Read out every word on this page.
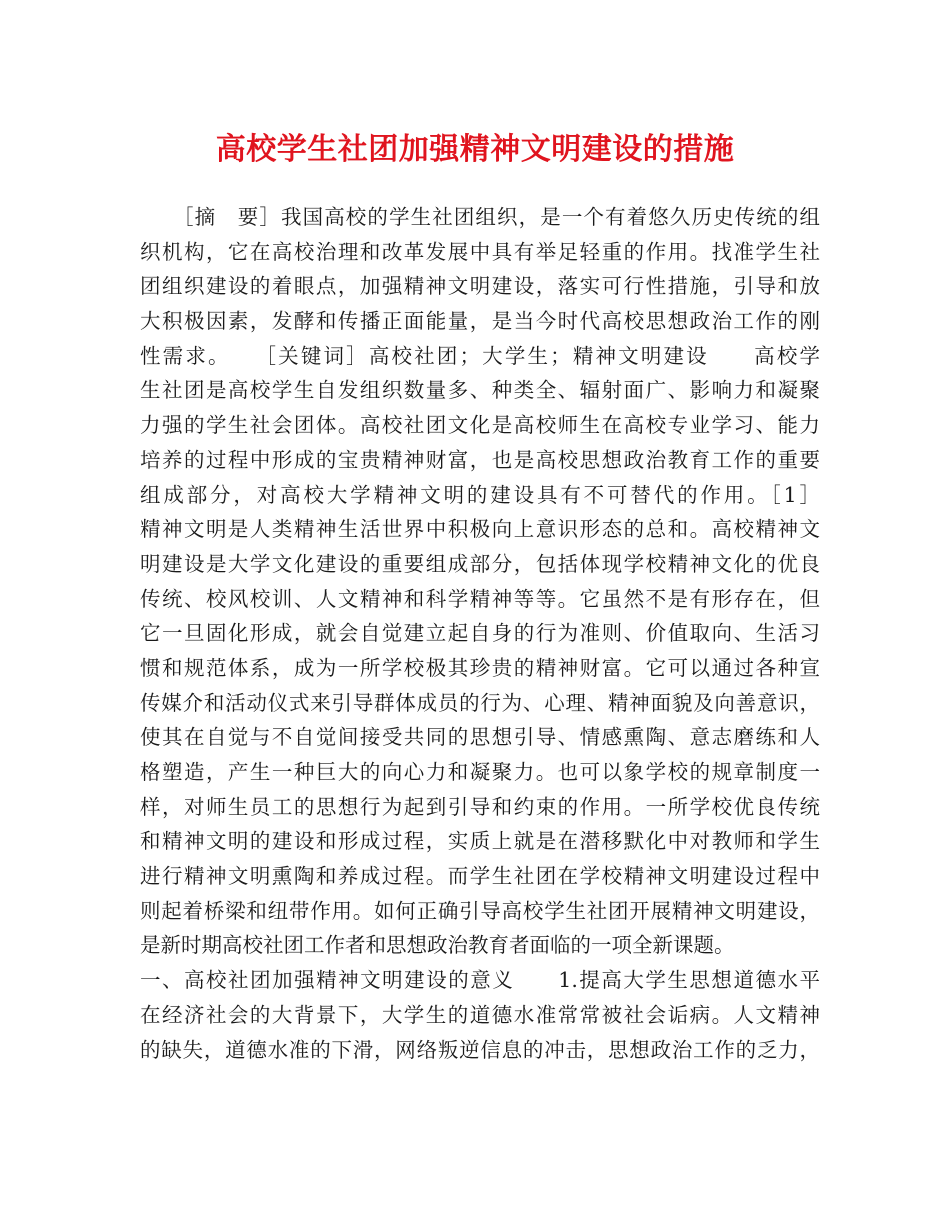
高校学生社团加强精神文明建设的措施
　　［摘　要］我国高校的学生社团组织，是一个有着悠久历史传统的组
织机构，它在高校治理和改革发展中具有举足轻重的作用。找准学生社
团组织建设的着眼点，加强精神文明建设，落实可行性措施，引导和放
大积极因素，发酵和传播正面能量，是当今时代高校思想政治工作的刚
性需求。　　［关键词］高校社团；大学生；精神文明建设　　高校学
生社团是高校学生自发组织数量多、种类全、辐射面广、影响力和凝聚
力强的学生社会团体。高校社团文化是高校师生在高校专业学习、能力
培养的过程中形成的宝贵精神财富，也是高校思想政治教育工作的重要
组成部分，对高校大学精神文明的建设具有不可替代的作用。［1］
精神文明是人类精神生活世界中积极向上意识形态的总和。高校精神文
明建设是大学文化建设的重要组成部分，包括体现学校精神文化的优良
传统、校风校训、人文精神和科学精神等等。它虽然不是有形存在，但
它一旦固化形成，就会自觉建立起自身的行为准则、价值取向、生活习
惯和规范体系，成为一所学校极其珍贵的精神财富。它可以通过各种宣
传媒介和活动仪式来引导群体成员的行为、心理、精神面貌及向善意识，
使其在自觉与不自觉间接受共同的思想引导、情感熏陶、意志磨练和人
格塑造，产生一种巨大的向心力和凝聚力。也可以象学校的规章制度一
样，对师生员工的思想行为起到引导和约束的作用。一所学校优良传统
和精神文明的建设和形成过程，实质上就是在潜移默化中对教师和学生
进行精神文明熏陶和养成过程。而学生社团在学校精神文明建设过程中
则起着桥梁和纽带作用。如何正确引导高校学生社团开展精神文明建设，
是新时期高校社团工作者和思想政治教育者面临的一项全新课题。
一、高校社团加强精神文明建设的意义　　1.提高大学生思想道德水平
在经济社会的大背景下，大学生的道德水准常常被社会诟病。人文精神
的缺失，道德水准的下滑，网络叛逆信息的冲击，思想政治工作的乏力，
